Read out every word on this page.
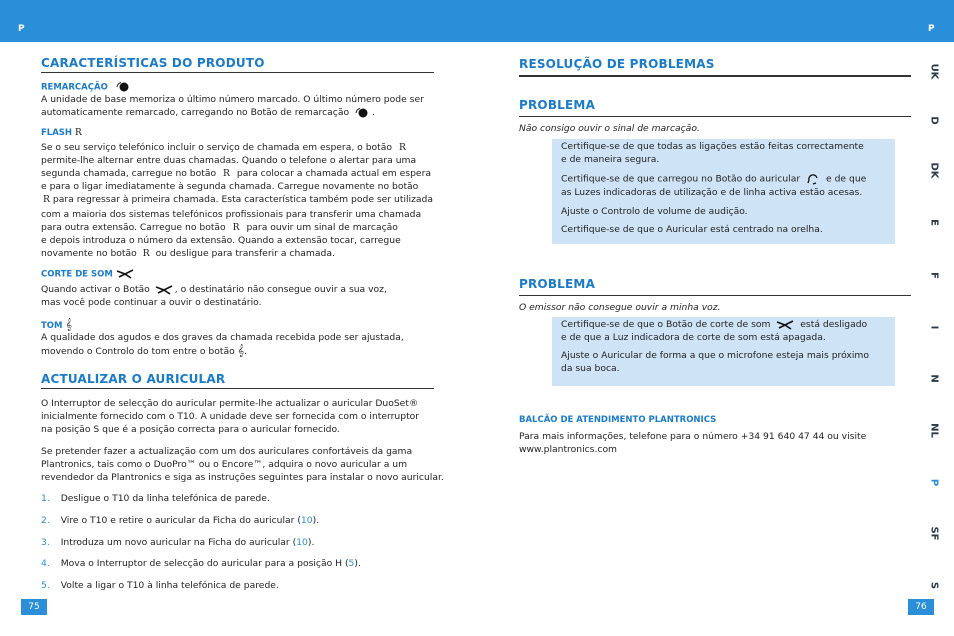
P	P
UK
D
DK
E
F
I
N
NL
P
SF
S
CARACTERÍSTICAS DO PRODUTO
REMARCAÇÃO
A unidade de base memoriza o último número marcado. O último número pode ser
automaticamente remarcado, carregando no Botão de remarcação .
FLASH R
Se o seu serviço telefónico incluir o serviço de chamada em espera, o botão R
permite-lhe alternar entre duas chamadas. Quando o telefone o alertar para uma
segunda chamada, carregue no botão R para colocar a chamada actual em espera
e para o ligar imediatamente à segunda chamada. Carregue novamente no botão
R para regressar à primeira chamada. Esta característica também pode ser utilizada
com a maioria dos sistemas telefónicos profissionais para transferir uma chamada
para outra extensão. Carregue no botão R para ouvir um sinal de marcação
e depois introduza o número da extensão. Quando a extensão tocar, carregue
novamente no botão R ou desligue para transferir a chamada.
CORTE DE SOM
Quando activar o Botão	, o destinatário não consegue ouvir a sua voz,
mas você pode continuar a ouvir o destinatário.
TOM 𝄞
A qualidade dos agudos e dos graves da chamada recebida pode ser ajustada,
movendo o Controlo do tom entre o botão 𝄞.
ACTUALIZAR O AURICULAR
O Interruptor de selecção do auricular permite-lhe actualizar o auricular DuoSet®
inicialmente fornecido com o T10. A unidade deve ser fornecida com o interruptor
na posição S que é a posição correcta para o auricular fornecido.
Se pretender fazer a actualização com um dos auriculares confortáveis da gama
Plantronics, tais como o DuoPro™ ou o Encore™, adquira o novo auricular a um
revendedor da Plantronics e siga as instruções seguintes para instalar o novo auricular.
1. Desligue o T10 da linha telefónica de parede.
2. Vire o T10 e retire o auricular da Ficha do auricular (10).
3. Introduza um novo auricular na Ficha do auricular (10).
4. Mova o Interruptor de selecção do auricular para a posição H (5).
5. Volte a ligar o T10 à linha telefónica de parede.
75
RESOLUÇÃO DE PROBLEMAS
PROBLEMA
Não consigo ouvir o sinal de marcação.
Certifique-se de que todas as ligações estão feitas correctamente
e de maneira segura.
Certifique-se de que carregou no Botão do auricular	e de que
as Luzes indicadoras de utilização e de linha activa estão acesas.
Ajuste o Controlo de volume de audição.
Certifique-se de que o Auricular está centrado na orelha.
PROBLEMA
O emissor não consegue ouvir a minha voz.
Certifique-se de que o Botão de corte de som	está desligado
e de que a Luz indicadora de corte de som está apagada.
Ajuste o Auricular de forma a que o microfone esteja mais próximo
da sua boca.
BALCÃO DE ATENDIMENTO PLANTRONICS
Para mais informações, telefone para o número +34 91 640 47 44 ou visite
www.plantronics.com
76
